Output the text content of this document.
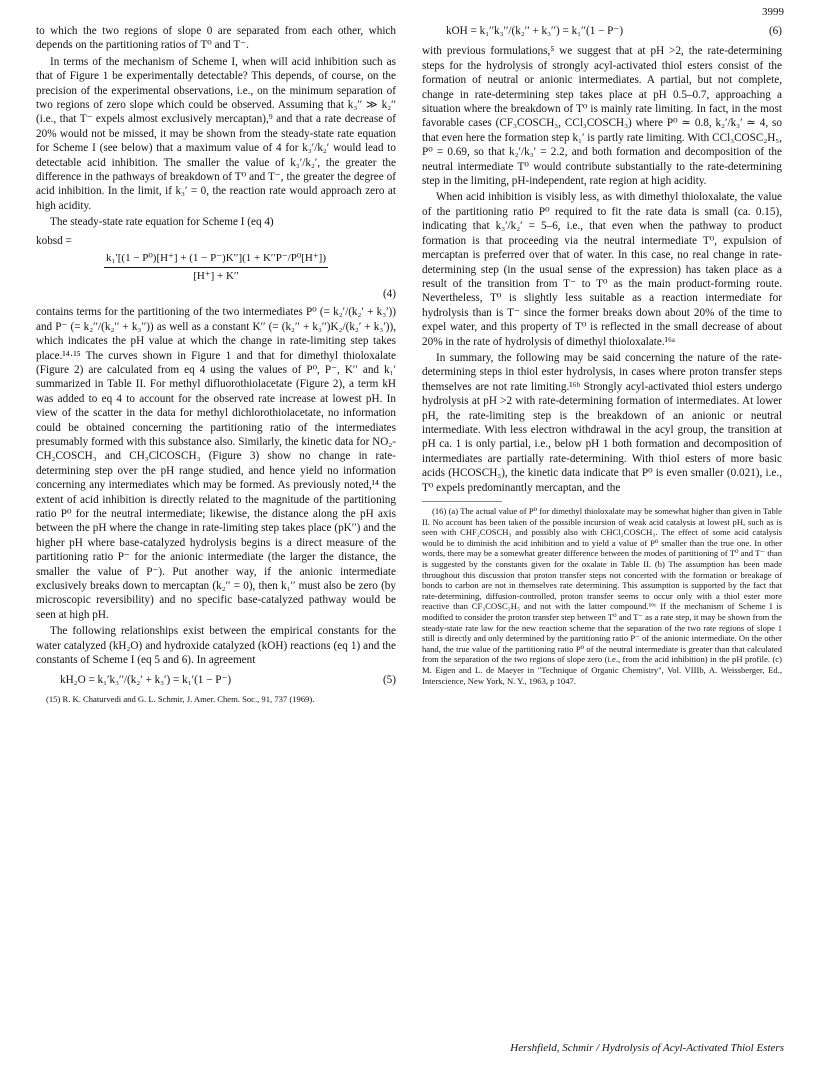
3999

to which the two regions of slope 0 are separated from each other, which depends on the partitioning ratios of T⁰ and T⁻.

In terms of the mechanism of Scheme I, when will acid inhibition such as that of Figure 1 be experimentally detectable? This depends, of course, on the precision of the experimental observations, i.e., on the minimum separation of two regions of zero slope which could be observed. Assuming that k₃′′ ≫ k₂′′ (i.e., that T⁻ expels almost exclusively mercaptan),⁹ and that a rate decrease of 20% would not be missed, it may be shown from the steady-state rate equation for Scheme I (see below) that a maximum value of 4 for k₃′/k₂′ would lead to detectable acid inhibition. The smaller the value of k₃′/k₂′, the greater the difference in the pathways of breakdown of T⁰ and T⁻, the greater the degree of acid inhibition. In the limit, if k₃′ = 0, the reaction rate would approach zero at high acidity.

The steady-state rate equation for Scheme I (eq 4)

kobsd =
$\frac{\text{k₁′[(1 − P⁰)[H⁺] + (1 − P⁻)K′′](1 + K′′P⁻/P⁰[H⁺])}}{[H^+] + K''}$
(4)

contains terms for the partitioning of the two intermediates P⁰ (= k₂′/(k₂′ + k₃′)) and P⁻ (= k₂′′/(k₂′′ + k₃′′)) as well as a constant K′′ (= (k₂′′ + k₃′′)K₂/(k₂′ + k₃′)), which indicates the pH value at which the change in rate-limiting step takes place.¹⁴·¹⁵ The curves shown in Figure 1 and that for dimethyl thioloxalate (Figure 2) are calculated from eq 4 using the values of P⁰, P⁻, K′′ and k₁′ summarized in Table II. For methyl difluorothiolacetate (Figure 2), a term kH was added to eq 4 to account for the observed rate increase at lowest pH. In view of the scatter in the data for methyl dichlorothiolacetate, no information could be obtained concerning the partitioning ratio of the intermediates presumably formed with this substance also. Similarly, the kinetic data for NO₂-CH₂COSCH₃ and CH₃ClCOSCH₃ (Figure 3) show no change in rate-determining step over the pH range studied, and hence yield no information concerning any intermediates which may be formed. As previously noted,¹⁴ the extent of acid inhibition is directly related to the magnitude of the partitioning ratio P⁰ for the neutral intermediate; likewise, the distance along the pH axis between the pH where the change in rate-limiting step takes place (pK′′) and the higher pH where base-catalyzed hydrolysis begins is a direct measure of the partitioning ratio P⁻ for the anionic intermediate (the larger the distance, the smaller the value of P⁻). Put another way, if the anionic intermediate exclusively breaks down to mercaptan (k₂′′ = 0), then k₁′′ must also be zero (by microscopic reversibility) and no specific base-catalyzed pathway would be seen at high pH.

The following relationships exist between the empirical constants for the water catalyzed (kH₂O) and hydroxide catalyzed (kOH) reactions (eq 1) and the constants of Scheme I (eq 5 and 6). In agreement

kH₂O = k₁′k₃′′/(k₂′ + k₃′) = k₁′(1 − P⁻)	(5)

(15) R. K. Chaturvedi and G. L. Schmir, J. Amer. Chem. Soc., 91, 737 (1969).

kOH = k₁′′k₃′′/(k₂′′ + k₃′′) = k₁′′(1 − P⁻)	(6)

with previous formulations,⁵ we suggest that at pH >2, the rate-determining steps for the hydrolysis of strongly acyl-activated thiol esters consist of the formation of neutral or anionic intermediates. A partial, but not complete, change in rate-determining step takes place at pH 0.5–0.7, approaching a situation where the breakdown of T⁰ is mainly rate limiting. In fact, in the most favorable cases (CF₃COSCH₃, CCl₃COSCH₃) where P⁰ ≃ 0.8, k₂′/k₃′ ≃ 4, so that even here the formation step k₁′ is partly rate limiting. With CCl₃COSC₂H₅, P⁰ = 0.69, so that k₂′/k₃′ = 2.2, and both formation and decomposition of the neutral intermediate T⁰ would contribute substantially to the rate-determining step in the limiting, pH-independent, rate region at high acidity.

When acid inhibition is visibly less, as with dimethyl thioloxalate, the value of the partitioning ratio P⁰ required to fit the rate data is small (ca. 0.15), indicating that k₃′/k₂′ = 5–6, i.e., that even when the pathway to product formation is that proceeding via the neutral intermediate T⁰, expulsion of mercaptan is preferred over that of water. In this case, no real change in rate-determining step (in the usual sense of the expression) has taken place as a result of the transition from T⁻ to T⁰ as the main product-forming route. Nevertheless, T⁰ is slightly less suitable as a reaction intermediate for hydrolysis than is T⁻ since the former breaks down about 20% of the time to expel water, and this property of T⁰ is reflected in the small decrease of about 20% in the rate of hydrolysis of dimethyl thioloxalate.¹⁶ᵃ

In summary, the following may be said concerning the nature of the rate-determining steps in thiol ester hydrolysis, in cases where proton transfer steps themselves are not rate limiting.¹⁶ᵇ Strongly acyl-activated thiol esters undergo hydrolysis at pH >2 with rate-determining formation of intermediates. At lower pH, the rate-limiting step is the breakdown of an anionic or neutral intermediate. With less electron withdrawal in the acyl group, the transition at pH ca. 1 is only partial, i.e., below pH 1 both formation and decomposition of intermediates are partially rate-determining. With thiol esters of more basic acids (HCOSCH₃), the kinetic data indicate that P⁰ is even smaller (0.021), i.e., T⁰ expels predominantly mercaptan, and the

(16) (a) The actual value of P⁰ for dimethyl thioloxalate may be somewhat higher than given in Table II. No account has been taken of the possible incursion of weak acid catalysis at lowest pH, such as is seen with CHF₂COSCH₃ and possibly also with CHCl₂COSCH₃. The effect of some acid catalysis would be to diminish the acid inhibition and to yield a value of P⁰ smaller than the true one. In other words, there may be a somewhat greater difference between the modes of partitioning of T⁰ and T⁻ than is suggested by the constants given for the oxalate in Table II. (b) The assumption has been made throughout this discussion that proton transfer steps not concerted with the formation or breakage of bonds to carbon are not in themselves rate determining. This assumption is supported by the fact that rate-determining, diffusion-controlled, proton transfer seems to occur only with a thiol ester more reactive than CF₃COSC₂H₅ and not with the latter compound.¹⁶ᶜ If the mechanism of Scheme I is modified to consider the proton transfer step between T⁰ and T⁻ as a rate step, it may be shown from the steady-state rate law for the new reaction scheme that the separation of the two rate regions of slope 1 still is directly and only determined by the partitioning ratio P⁻ of the anionic intermediate. On the other hand, the true value of the partitioning ratio P⁰ of the neutral intermediate is greater than that calculated from the separation of the two regions of slope zero (i.e., from the acid inhibition) in the pH profile. (c) M. Eigen and L. de Maeyer in "Technique of Organic Chemistry", Vol. VIIIb, A. Weissberger, Ed., Interscience, New York, N. Y., 1963, p 1047.

Hershfield, Schmir / Hydrolysis of Acyl-Activated Thiol Esters
